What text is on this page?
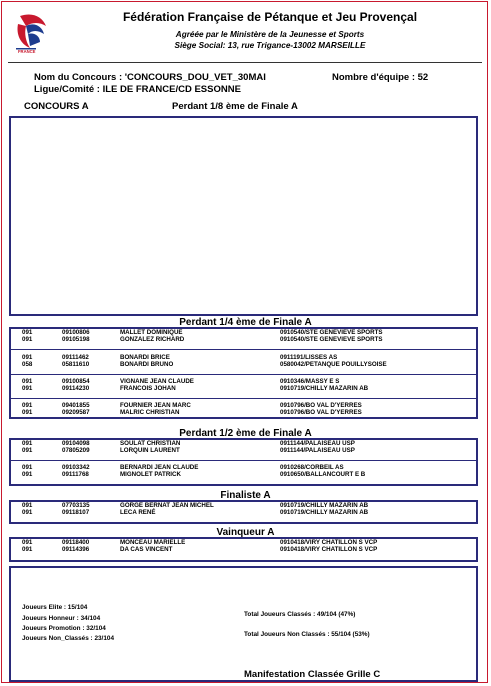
FRANCE
Fédération Française de Pétanque et Jeu Provençal
Agréée par le Ministère de la Jeunesse et Sports
Siège Social: 13, rue Trigance-13002 MARSEILLE
Nom du Concours : 'CONCOURS_DOU_VET_30MAI	Nombre d'équipe : 52
Ligue/Comité : ILE DE FRANCE/CD ESSONNE
CONCOURS A	Perdant 1/8 ème de Finale A
Perdant 1/4 ème de Finale A
Perdant 1/2 ème de Finale A
Finaliste A
Vainqueur A
091	09100806	MALLET DOMINIQUE	0910540/STE GENEVIEVE SPORTS
091	09105198	GONZALEZ RICHARD	0910540/STE GENEVIEVE SPORTS
091	09111462	BONARDI BRICE	0911191/LISSES AS
058	05811610	BONARDI BRUNO	0580042/PETANQUE POUILLYSOISE
091	09100854	VIGNANE JEAN CLAUDE	0910346/MASSY E S
091	09114230	FRANCOIS JOHAN	0910719/CHILLY MAZARIN AB
091	09401855	FOURNIER JEAN MARC	0910796/BO VAL D'YERRES
091	09209587	MALRIC CHRISTIAN	0910796/BO VAL D'YERRES
091	09104098	SOULAT CHRISTIAN	0911144/PALAISEAU USP
091	07805209	LORQUIN LAURENT	0911144/PALAISEAU USP
091	09103342	BERNARDI JEAN CLAUDE	0910268/CORBEIL AS
091	09111768	MIGNOLET PATRICK	0910650/BALLANCOURT E B
091	07703135	GORGE BERNAT JEAN MICHEL	0910719/CHILLY MAZARIN AB
091	09118107	LECA RENÉ	0910719/CHILLY MAZARIN AB
091	09118400	MONCEAU MARIELLE	0910418/VIRY CHATILLON S VCP
091	09114396	DA CAS VINCENT	0910418/VIRY CHATILLON S VCP
Joueurs Elite : 15/104
Joueurs Honneur : 34/104
Joueurs Promotion : 32/104
Joueurs Non_Classés : 23/104
Total Joueurs Classés : 49/104 (47%)
Total Joueurs Non Classés : 55/104 (53%)
Manifestation Classée Grille C
